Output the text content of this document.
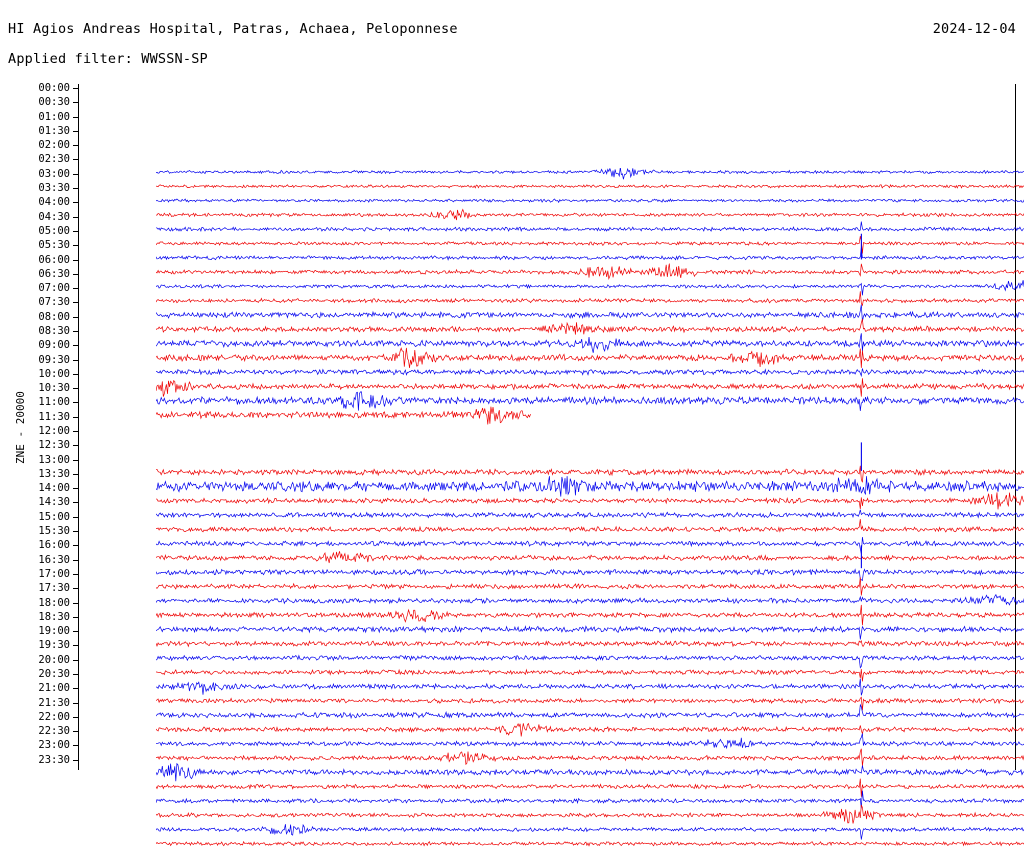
HI Agios Andreas Hospital, Patras, Achaea, Peloponnese	2024-12-04
Applied filter: WWSSN-SP
ZNE - 20000
00:00
00:30
01:00
01:30
02:00
02:30
03:00
03:30
04:00
04:30
05:00
05:30
06:00
06:30
07:00
07:30
08:00
08:30
09:00
09:30
10:00
10:30
11:00
11:30
12:00
12:30
13:00
13:30
14:00
14:30
15:00
15:30
16:00
16:30
17:00
17:30
18:00
18:30
19:00
19:30
20:00
20:30
21:00
21:30
22:00
22:30
23:00
23:30
